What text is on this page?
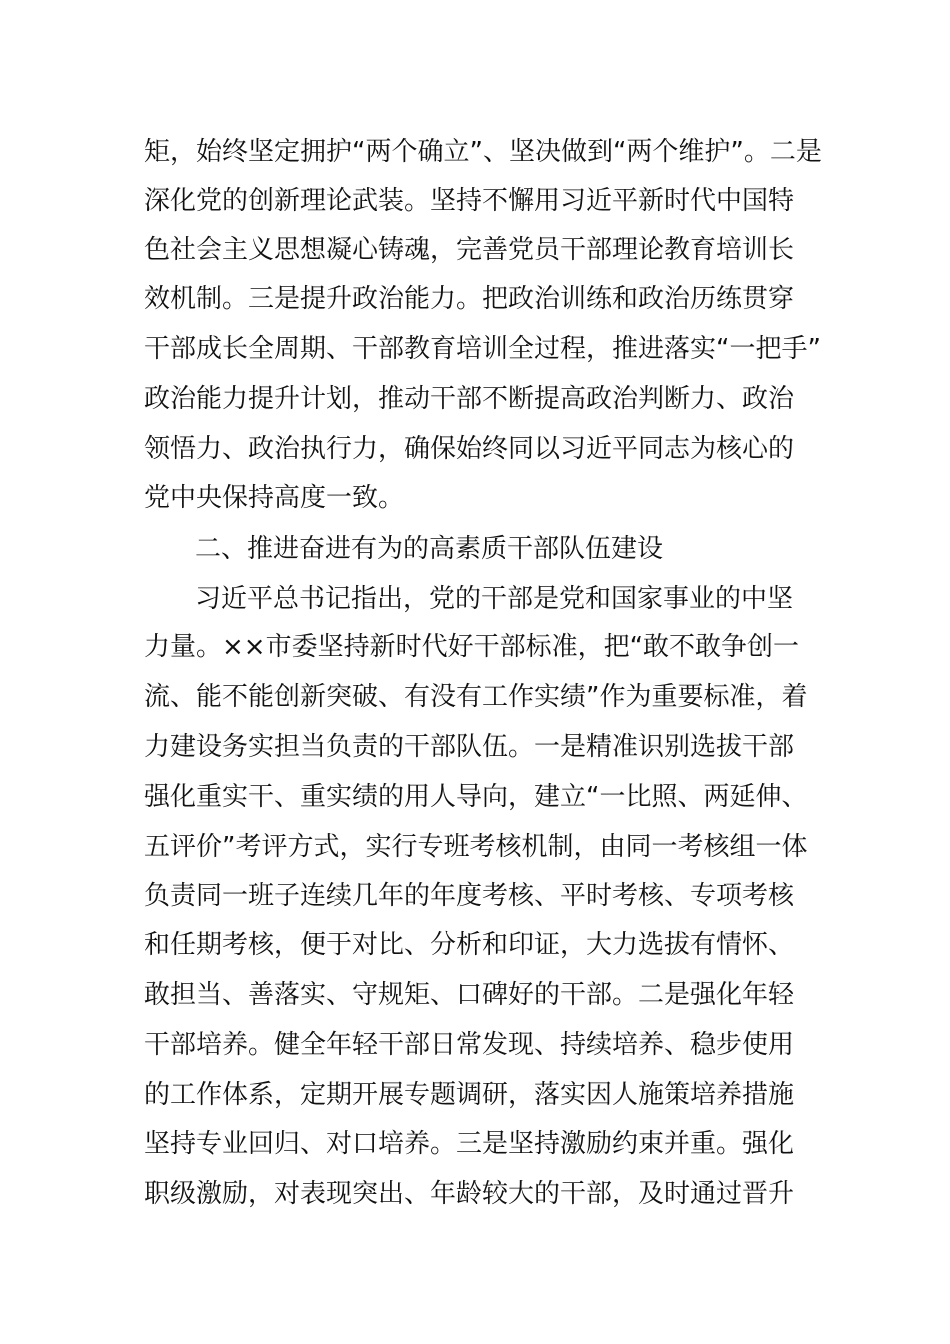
矩，始终坚定拥护“两个确立”、坚决做到“两个维护”。二是
深化党的创新理论武装。坚持不懈用习近平新时代中国特
色社会主义思想凝心铸魂，完善党员干部理论教育培训长
效机制。三是提升政治能力。把政治训练和政治历练贯穿
干部成长全周期、干部教育培训全过程，推进落实“一把手”
政治能力提升计划，推动干部不断提高政治判断力、政治
领悟力、政治执行力，确保始终同以习近平同志为核心的
党中央保持高度一致。
二、推进奋进有为的高素质干部队伍建设
习近平总书记指出，党的干部是党和国家事业的中坚
力量。××市委坚持新时代好干部标准，把“敢不敢争创一
流、能不能创新突破、有没有工作实绩”作为重要标准，着
力建设务实担当负责的干部队伍。一是精准识别选拔干部
强化重实干、重实绩的用人导向，建立“一比照、两延伸、
五评价”考评方式，实行专班考核机制，由同一考核组一体
负责同一班子连续几年的年度考核、平时考核、专项考核
和任期考核，便于对比、分析和印证，大力选拔有情怀、
敢担当、善落实、守规矩、口碑好的干部。二是强化年轻
干部培养。健全年轻干部日常发现、持续培养、稳步使用
的工作体系，定期开展专题调研，落实因人施策培养措施
坚持专业回归、对口培养。三是坚持激励约束并重。强化
职级激励，对表现突出、年龄较大的干部，及时通过晋升
